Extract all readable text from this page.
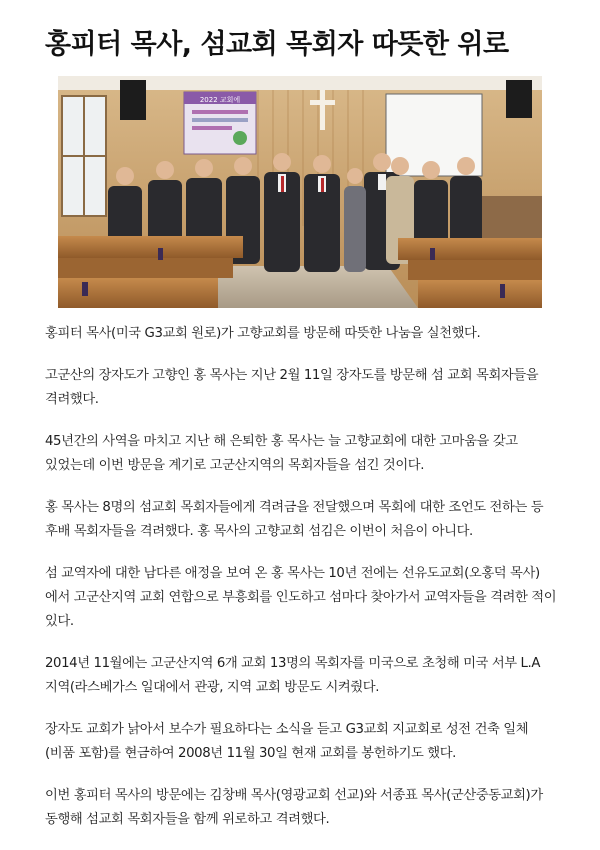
홍피터 목사, 섬교회 목회자 따뜻한 위로
2022 교회에

홍피터 목사(미국 G3교회 원로)가 고향교회를 방문해 따뜻한 나눔을 실천했다.

고군산의 장자도가 고향인 홍 목사는 지난 2월 11일 장자도를 방문해 섬 교회 목회자들을 격려했다.

45년간의 사역을 마치고 지난 해 은퇴한 홍 목사는 늘 고향교회에 대한 고마움을 갖고 있었는데 이번 방문을 계기로 고군산지역의 목회자들을 섬긴 것이다.

홍 목사는 8명의 섬교회 목회자들에게 격려금을 전달했으며 목회에 대한 조언도 전하는 등 후배 목회자들을 격려했다. 홍 목사의 고향교회 섬김은 이번이 처음이 아니다.

섬 교역자에 대한 남다른 애정을 보여 온 홍 목사는 10년 전에는 선유도교회(오홍덕 목사)에서 고군산지역 교회 연합으로 부흥회를 인도하고 섬마다 찾아가서 교역자들을 격려한 적이 있다.

2014년 11월에는 고군산지역 6개 교회 13명의 목회자를 미국으로 초청해 미국 서부 L.A 지역(라스베가스 일대에서 관광, 지역 교회 방문도 시켜줬다.

장자도 교회가 낡아서 보수가 필요하다는 소식을 듣고 G3교회 지교회로 성전 건축 일체(비품 포함)를 현금하여 2008년 11월 30일 현재 교회를 봉헌하기도 했다.

이번 홍피터 목사의 방문에는 김창배 목사(영광교회 선교)와 서종표 목사(군산중동교회)가 동행해 섬교회 목회자들을 함께 위로하고 격려했다.
